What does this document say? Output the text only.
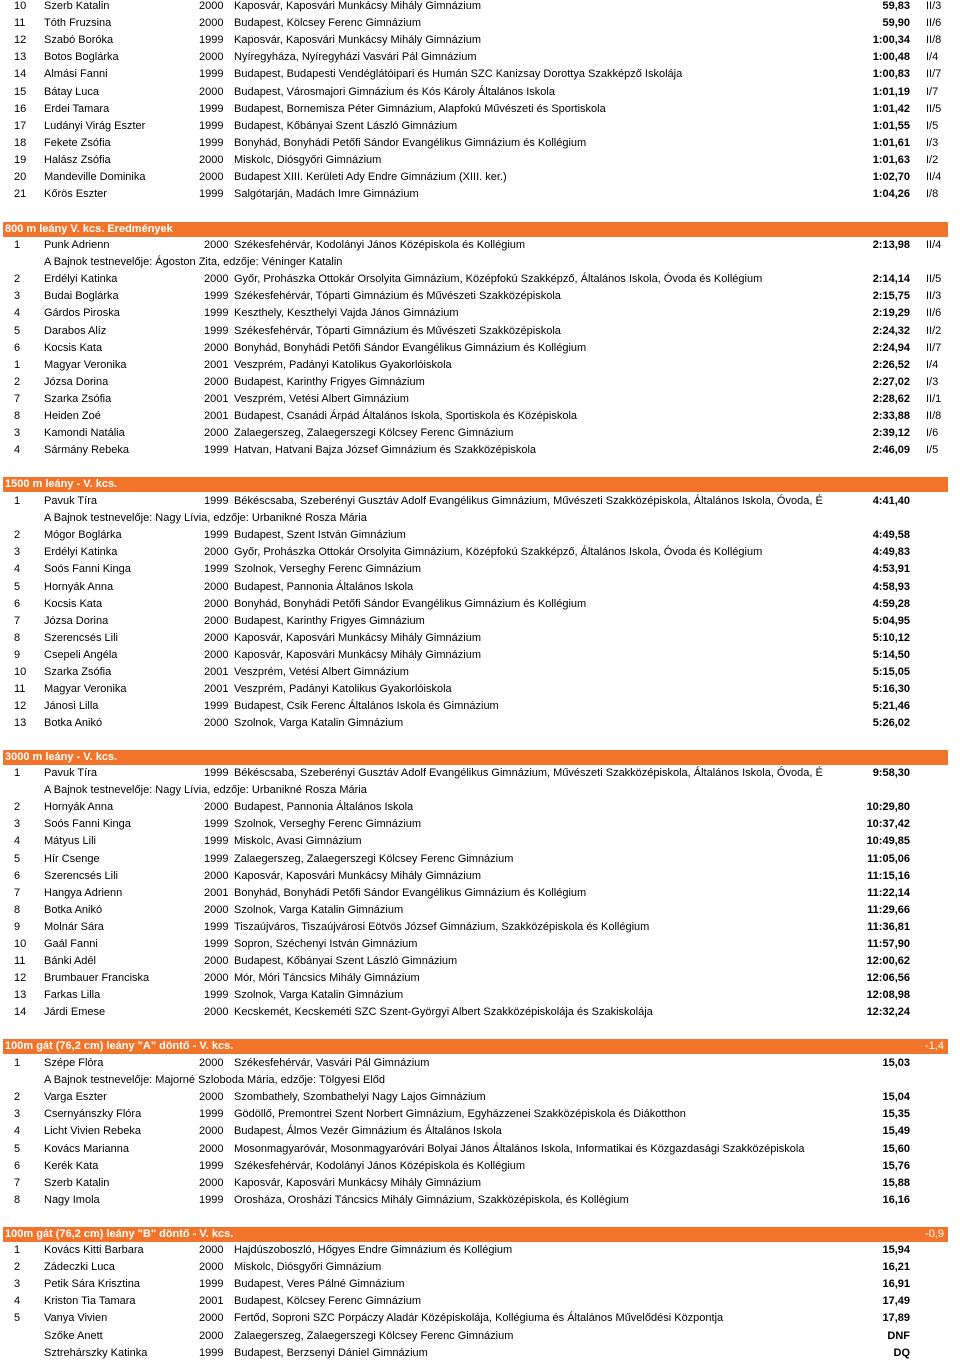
10	Szerb Katalin	2000 Kaposvár, Kaposvári Munkácsy Mihály Gimnázium	59,83 II/3
11	Tóth Fruzsina	2000 Budapest, Kölcsey Ferenc Gimnázium	59,90 II/6
12	Szabó Boróka	1999 Kaposvár, Kaposvári Munkácsy Mihály Gimnázium	1:00,34 II/8
13	Botos Boglárka	2000 Nyíregyháza, Nyíregyházi Vasvári Pál Gimnázium	1:00,48 I/4
14	Almási Fanni	1999 Budapest, Budapesti Vendéglátóipari és Humán SZC Kanizsay Dorottya Szakképző Iskolája	1:00,83 II/7
15	Bátay Luca	2000 Budapest, Városmajori Gimnázium és Kós Károly Általános Iskola	1:01,19 I/7
16	Erdei Tamara	1999 Budapest, Bornemisza Péter Gimnázium, Alapfokú Művészeti és Sportiskola	1:01,42 II/5
17	Ludányi Virág Eszter	1999 Budapest, Kőbányai Szent László Gimnázium	1:01,55 I/5
18	Fekete Zsófia	1999 Bonyhád, Bonyhádi Petőfi Sándor Evangélikus Gimnázium és Kollégium	1:01,61 I/3
19	Halász Zsófia	2000 Miskolc, Diósgyőri Gimnázium	1:01,63 I/2
20	Mandeville Dominika	2000 Budapest XIII. Kerületi Ady Endre Gimnázium (XIII. ker.)	1:02,70 II/4
21	Kőrös Eszter	1999 Salgótarján, Madách Imre Gimnázium	1:04,26 I/8
800 m leány V. kcs. Eredmények
1	Punk Adrienn	2000 Székesfehérvár, Kodolányi János Középiskola és Kollégium	2:13,98 II/4
A Bajnok testnevelője: Ágoston Zita, edzője: Véninger Katalin
2	Erdélyi Katinka	2000 Győr, Prohászka Ottokár Orsolyita Gimnázium, Középfokú Szakképző, Általános Iskola, Óvoda és Kollégium	2:14,14 II/5
3	Budai Boglárka	1999 Székesfehérvár, Tóparti Gimnázium és Művészeti Szakközépiskola	2:15,75 II/3
4	Gárdos Piroska	1999 Keszthely, Keszthelyi Vajda János Gimnázium	2:19,29 II/6
5	Darabos Alíz	1999 Székesfehérvár, Tóparti Gimnázium és Művészeti Szakközépiskola	2:24,32 II/2
6	Kocsis Kata	2000 Bonyhád, Bonyhádi Petőfi Sándor Evangélikus Gimnázium és Kollégium	2:24,94 II/7
1	Magyar Veronika	2001 Veszprém, Padányi Katolikus Gyakorlóiskola	2:26,52 I/4
2	Józsa Dorina	2000 Budapest, Karinthy Frigyes Gimnázium	2:27,02 I/3
7	Szarka Zsófia	2001 Veszprém, Vetési Albert Gimnázium	2:28,62 II/1
8	Heiden Zoé	2001 Budapest, Csanádi Árpád Általános Iskola, Sportiskola és Középiskola	2:33,88 II/8
3	Kamondi Natália	2000 Zalaegerszeg, Zalaegerszegi Kölcsey Ferenc Gimnázium	2:39,12 I/6
4	Sármány Rebeka	1999 Hatvan, Hatvani Bajza József Gimnázium és Szakközépiskola	2:46,09 I/5
1500 m leány - V. kcs.
1	Pavuk Tíra	1999 Békéscsaba, Szeberényi Gusztáv Adolf Evangélikus Gimnázium, Művészeti Szakközépiskola, Általános Iskola, Óvoda, É	4:41,40
A Bajnok testnevelője: Nagy Lívia, edzője: Urbanikné Rosza Mária
2	Mógor Boglárka	1999 Budapest, Szent István Gimnázium	4:49,58
3	Erdélyi Katinka	2000 Győr, Prohászka Ottokár Orsolyita Gimnázium, Középfokú Szakképző, Általános Iskola, Óvoda és Kollégium	4:49,83
4	Soós Fanni Kinga	1999 Szolnok, Verseghy Ferenc Gimnázium	4:53,91
5	Hornyák Anna	2000 Budapest, Pannonia Általános Iskola	4:58,93
6	Kocsis Kata	2000 Bonyhád, Bonyhádi Petőfi Sándor Evangélikus Gimnázium és Kollégium	4:59,28
7	Józsa Dorina	2000 Budapest, Karinthy Frigyes Gimnázium	5:04,95
8	Szerencsés Lili	2000 Kaposvár, Kaposvári Munkácsy Mihály Gimnázium	5:10,12
9	Csepeli Angéla	2000 Kaposvár, Kaposvári Munkácsy Mihály Gimnázium	5:14,50
10	Szarka Zsófia	2001 Veszprém, Vetési Albert Gimnázium	5:15,05
11	Magyar Veronika	2001 Veszprém, Padányi Katolikus Gyakorlóiskola	5:16,30
12	Jánosi Lilla	1999 Budapest, Csik Ferenc Általános Iskola és Gimnázium	5:21,46
13	Botka Anikó	2000 Szolnok, Varga Katalin Gimnázium	5:26,02
3000 m leány - V. kcs.
1	Pavuk Tíra	1999 Békéscsaba, Szeberényi Gusztáv Adolf Evangélikus Gimnázium, Művészeti Szakközépiskola, Általános Iskola, Óvoda, É	9:58,30
A Bajnok testnevelője: Nagy Lívia, edzője: Urbanikné Rosza Mária
2	Hornyák Anna	2000 Budapest, Pannonia Általános Iskola	10:29,80
3	Soós Fanni Kinga	1999 Szolnok, Verseghy Ferenc Gimnázium	10:37,42
4	Mátyus Lili	1999 Miskolc, Avasi Gimnázium	10:49,85
5	Hír Csenge	1999 Zalaegerszeg, Zalaegerszegi Kölcsey Ferenc Gimnázium	11:05,06
6	Szerencsés Lili	2000 Kaposvár, Kaposvári Munkácsy Mihály Gimnázium	11:15,16
7	Hangya Adrienn	2001 Bonyhád, Bonyhádi Petőfi Sándor Evangélikus Gimnázium és Kollégium	11:22,14
8	Botka Anikó	2000 Szolnok, Varga Katalin Gimnázium	11:29,66
9	Molnár Sára	1999 Tiszaújváros, Tiszaújvárosi Eötvös József Gimnázium, Szakközépiskola és Kollégium	11:36,81
10	Gaál Fanni	1999 Sopron, Széchenyi István Gimnázium	11:57,90
11	Bánki Adél	2000 Budapest, Kőbányai Szent László Gimnázium	12:00,62
12	Brumbauer Franciska	2000 Mór, Móri Táncsics Mihály Gimnázium	12:06,56
13	Farkas Lilla	1999 Szolnok, Varga Katalin Gimnázium	12:08,98
14	Járdi Emese	2000 Kecskemét, Kecskeméti SZC Szent-Györgyi Albert Szakközépiskolája és Szakiskolája	12:32,24
100m gát (76,2 cm) leány "A" döntő - V. kcs.	-1,4
1	Szépe Flóra	2000 Székesfehérvár, Vasvári Pál Gimnázium	15,03
A Bajnok testnevelője: Majorné Szloboda Mária, edzője: Tölgyesi Előd
2	Varga Eszter	2000 Szombathely, Szombathelyi Nagy Lajos Gimnázium	15,04
3	Csernyánszky Flóra	1999 Gödöllő, Premontrei Szent Norbert Gimnázium, Egyházzenei Szakközépiskola és Diákotthon	15,35
4	Licht Vivien Rebeka	2000 Budapest, Álmos Vezér Gimnázium és Általános Iskola	15,49
5	Kovács Marianna	2000 Mosonmagyaróvár, Mosonmagyaróvári Bolyai János Általános Iskola, Informatikai és Közgazdasági Szakközépiskola	15,60
6	Kerék Kata	1999 Székesfehérvár, Kodolányi János Középiskola és Kollégium	15,76
7	Szerb Katalin	2000 Kaposvár, Kaposvári Munkácsy Mihály Gimnázium	15,88
8	Nagy Imola	1999 Orosháza, Orosházi Táncsics Mihály Gimnázium, Szakközépiskola, és Kollégium	16,16
100m gát (76,2 cm) leány "B" döntő - V. kcs.	-0,9
1	Kovács Kitti Barbara	2000 Hajdúszoboszló, Hőgyes Endre Gimnázium és Kollégium	15,94
2	Zádeczki Luca	2000 Miskolc, Diósgyőri Gimnázium	16,21
3	Petik Sára Krisztina	1999 Budapest, Veres Pálné Gimnázium	16,91
4	Kriston Tia Tamara	2001 Budapest, Kölcsey Ferenc Gimnázium	17,49
5	Vanya Vivien	2000 Fertőd, Soproni SZC Porpáczy Aladár Középiskolája, Kollégiuma és Általános Művelődési Központja	17,89
Szőke Anett	2000 Zalaegerszeg, Zalaegerszegi Kölcsey Ferenc Gimnázium	DNF
Sztrehárszky Katinka	1999 Budapest, Berzsenyi Dániel Gimnázium	DQ
